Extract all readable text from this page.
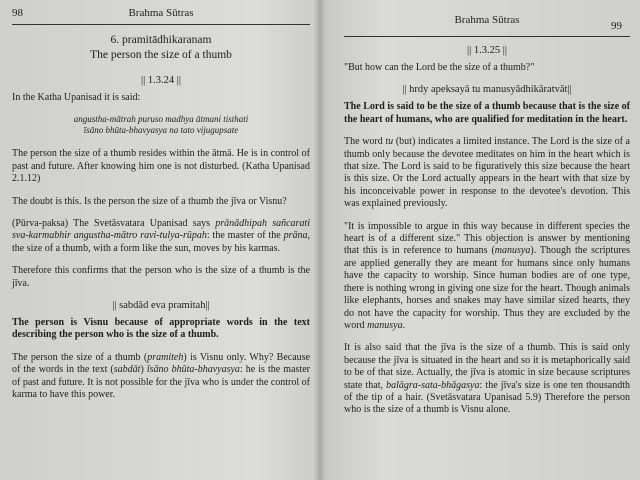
98	Brahma Sūtras
6. pramitādhikaranam
The person the size of a thumb
|| 1.3.24 ||

In the Katha Upanisad it is said:

angustha-mātrah puruso madhya ātmani tisthati
īsāno bhūta-bhavyasya na tato vijugupsate

The person the size of a thumb resides within the ātmā. He is in control of past and future. After knowing him one is not disturbed. (Katha Upanisad 2.1.12)

The doubt is this. Is the person the size of a thumb the jīva or Visnu?

(Pūrva-paksa) The Svetāsvatara Upanisad says prānādhipah sañcarati sva-karmabhir angustha-mātro ravi-tulya-rūpah: the master of the prāna, the size of a thumb, with a form like the sun, moves by his karmas.

Therefore this confirms that the person who is the size of a thumb is the jīva.

|| sabdād eva pramitah||

The person is Visnu because of appropriate words in the text describing the person who is the size of a thumb.

The person the size of a thumb (pramiteh) is Visnu only. Why? Because of the words in the text (sabdāt) īsāno bhūta-bhavyasya: he is the master of past and future. It is not possible for the jīva who is under the control of karma to have this power.

Brahma Sūtras	99
|| 1.3.25 ||

"But how can the Lord be the size of a thumb?"

|| hrdy apeksayā tu manusyādhikāratvāt||

The Lord is said to be the size of a thumb because that is the size of the heart of humans, who are qualified for meditation in the heart.

The word tu (but) indicates a limited instance. The Lord is the size of a thumb only because the devotee meditates on him in the heart which is that size. The Lord is said to be figuratively this size because the heart is this size. Or the Lord actually appears in the heart with that size by his inconceivable power in response to the devotee's devotion. This was explained previously.

"It is impossible to argue in this way because in different species the heart is of a different size." This objection is answer by mentioning that this is in reference to humans (manusya). Though the scriptures are applied generally they are meant for humans since only humans have the capacity to worship. Since human bodies are of one type, there is nothing wrong in giving one size for the heart. Though animals like elephants, horses and snakes may have similar sized hearts, they do not have the capacity for worship. Thus they are excluded by the word manusya.

It is also said that the jīva is the size of a thumb. This is said only because the jīva is situated in the heart and so it is metaphorically said to be of that size. Actually, the jīva is atomic in size because scriptures state that, balāgra-sata-bhāgasya: the jīva's size is one ten thousandth of the tip of a hair. (Svetāsvatara Upanisad 5.9) Therefore the person who is the size of a thumb is Visnu alone.
